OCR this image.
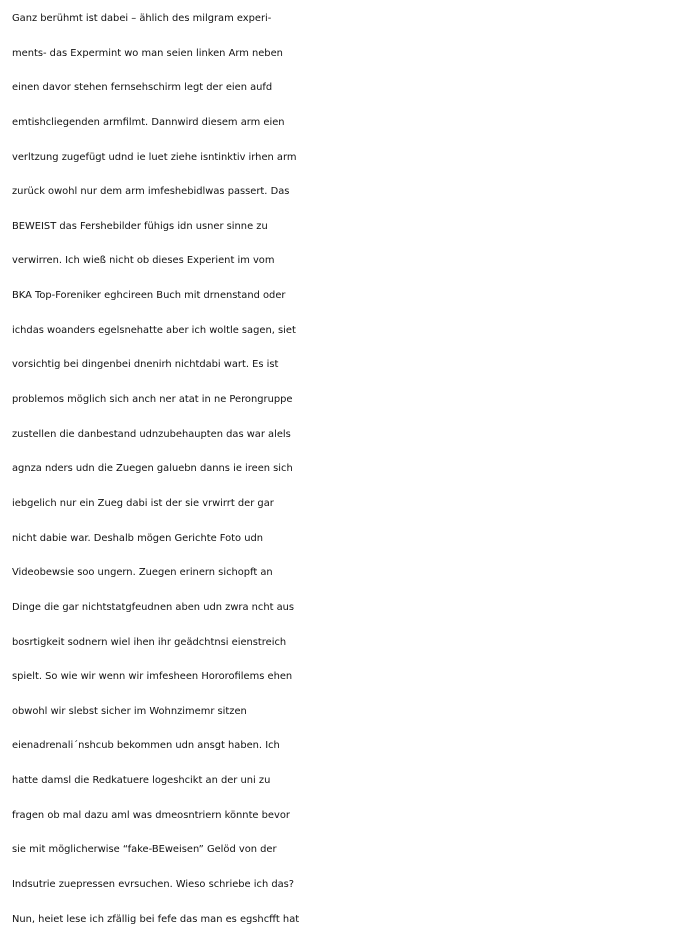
Ganz berühmt ist dabei – ählich des milgram experi-
ments- das Expermint wo man seien linken Arm neben
einen davor stehen fernsehschirm legt der eien aufd
emtishcliegenden armfilmt. Dannwird diesem arm eien
verltzung zugefügt udnd ie luet ziehe isntinktiv irhen arm
zurück owohl nur dem arm imfeshebidlwas passert. Das
BEWEIST das Fershebilder fühigs idn usner sinne zu
verwirren. Ich wieß nicht ob dieses Experient im vom
BKA Top-Foreniker eghcireen Buch mit drnenstand oder
ichdas woanders egelsnehatte aber ich woltle sagen, siet
vorsichtig bei dingenbei dnenirh nichtdabi wart. Es ist
problemos möglich sich anch ner atat in ne Perongruppe
zustellen die danbestand udnzubehaupten das war alels
agnza nders udn die Zuegen galuebn danns ie ireen sich
iebgelich nur ein Zueg dabi ist der sie vrwirrt der gar
nicht dabie war. Deshalb mögen Gerichte Foto udn
Videobewsie soo ungern. Zuegen erinern sichopft an
Dinge die gar nichtstatgfeudnen aben udn zwra ncht aus
bosrtigkeit sodnern wiel ihen ihr geädchtnsi eienstreich
spielt. So wie wir wenn wir imfesheen Hororofilems ehen
obwohl wir slebst sicher im Wohnzimemr sitzen
eienadrenali´nshcub bekommen udn ansgt haben. Ich
hatte damsl die Redkatuere logeshcikt an der uni zu
fragen ob mal dazu aml was dmeosntriern könnte bevor
sie mit möglicherwise “fake-BEweisen” Gelöd von der
Indsutrie zuepressen evrsuchen. Wieso schriebe ich das?
Nun, heiet lese ich zfällig bei fefe das man es egshcfft hat
